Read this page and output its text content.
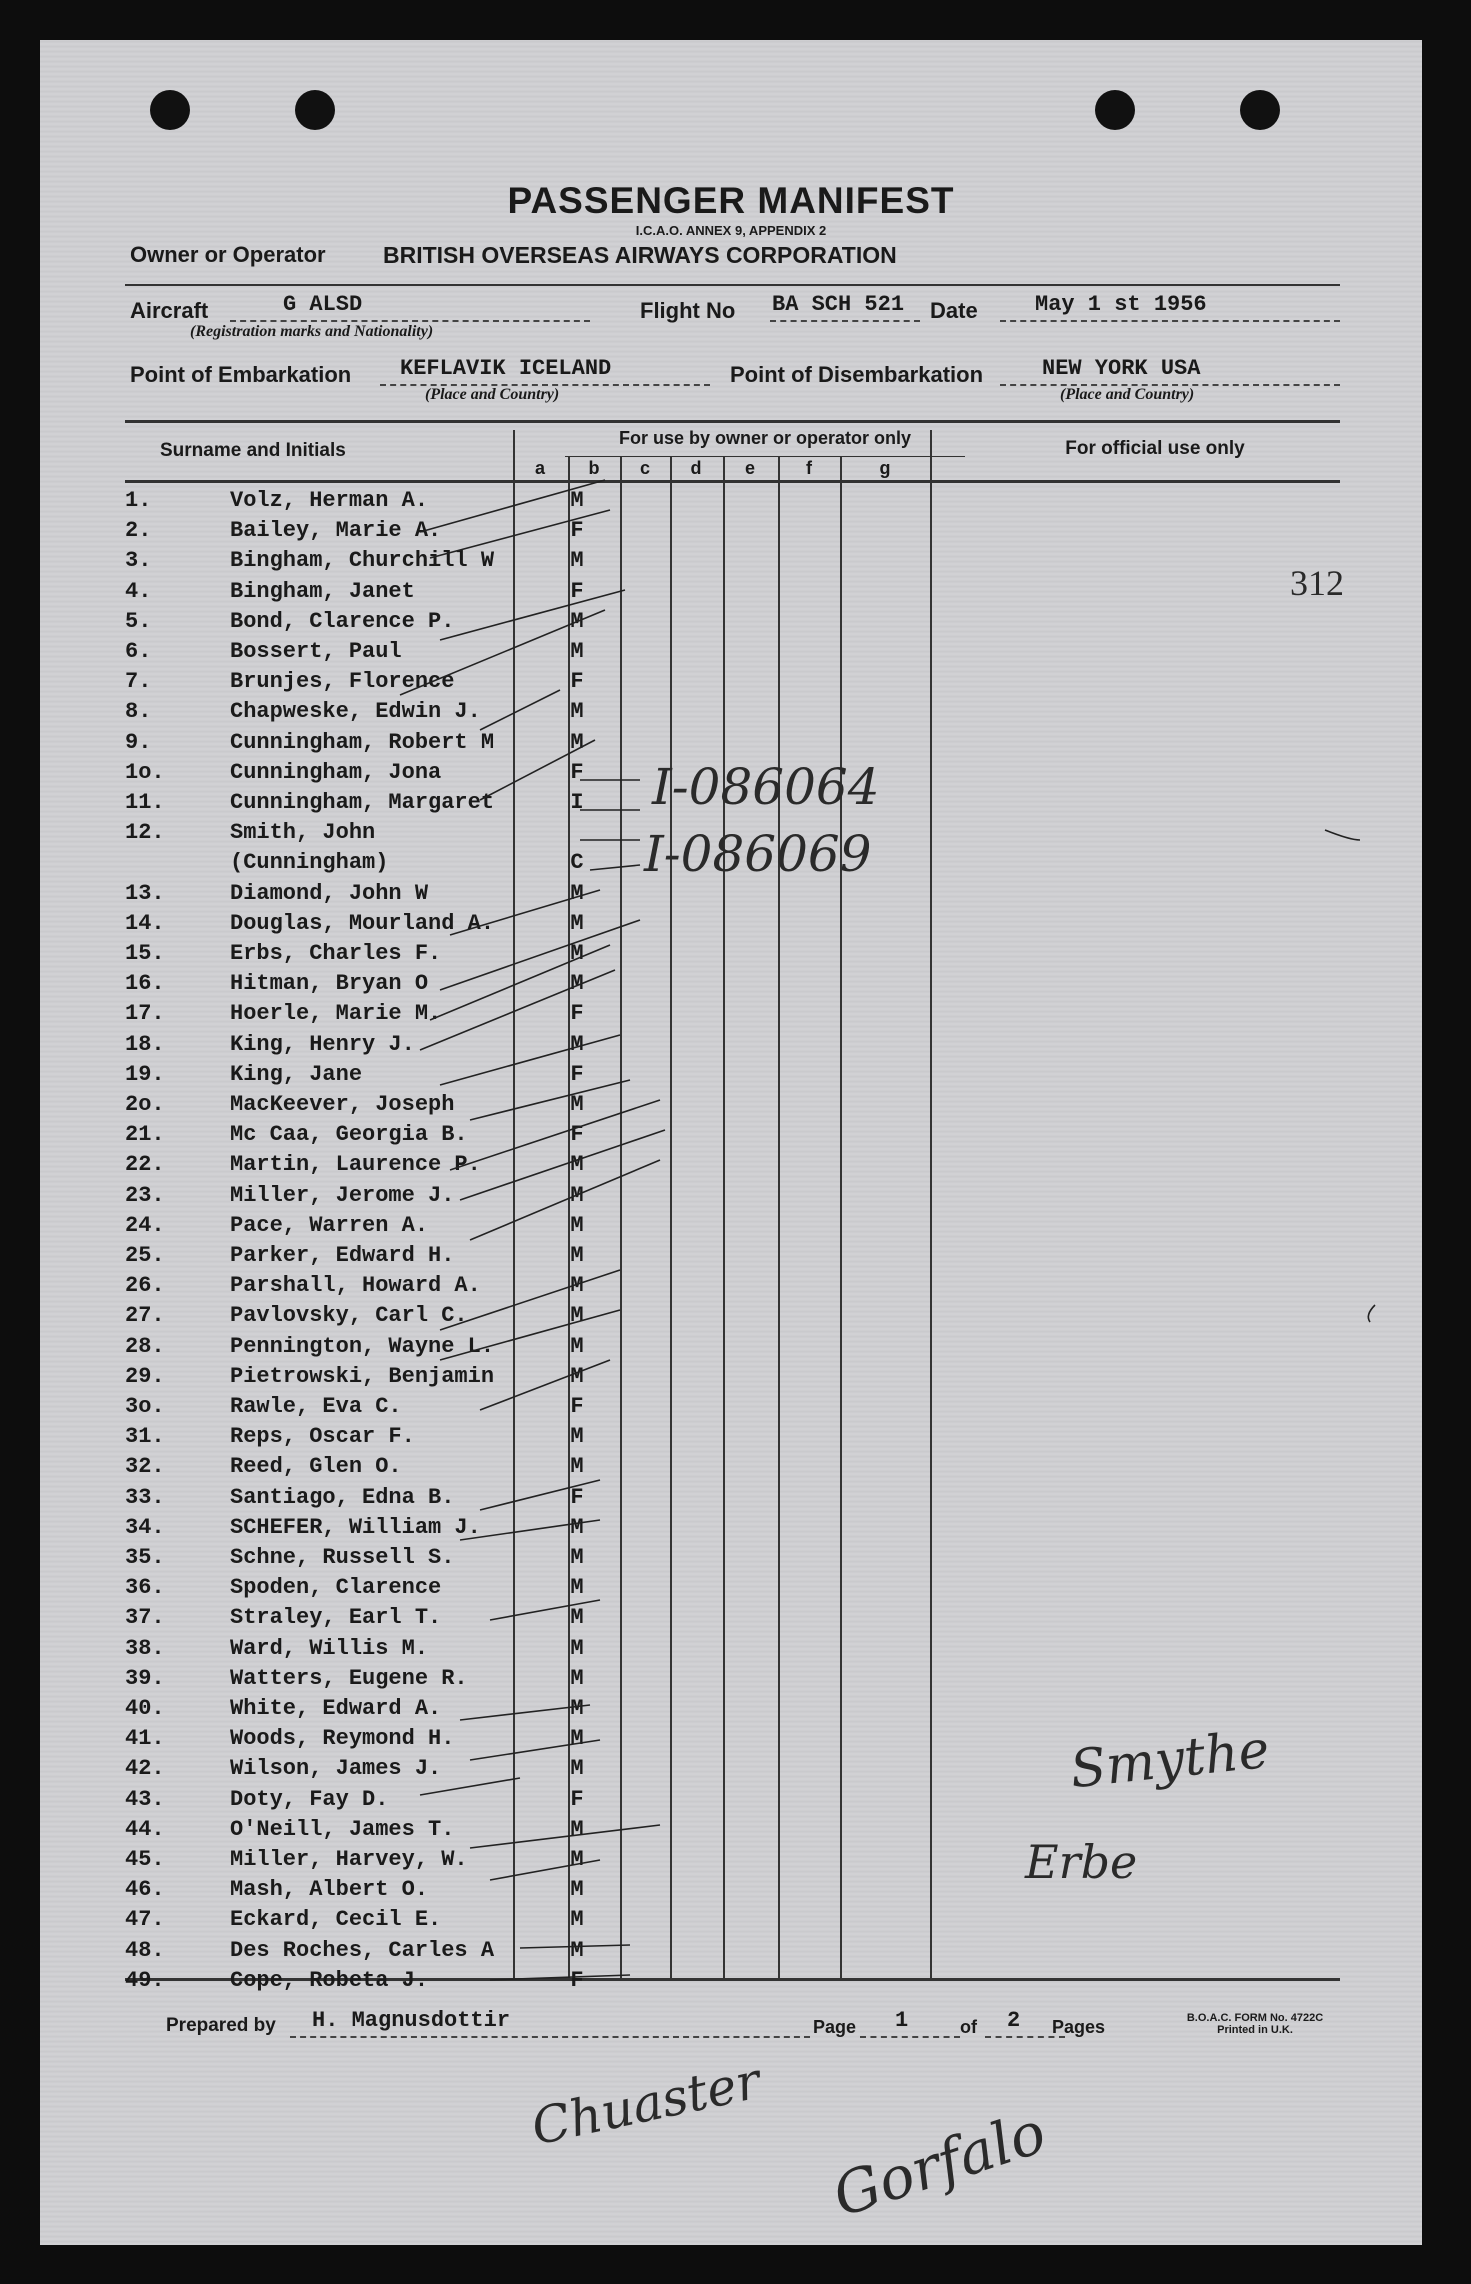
PASSENGER MANIFEST
I.C.A.O. ANNEX 9, APPENDIX 2
Owner or Operator BRITISH OVERSEAS AIRWAYS CORPORATION
Aircraft	G ALSD
(Registration marks and Nationality)
Flight No BA SCH 521 Date	May 1 st 1956
Point of Embarkation KEFLAVIK ICELAND
(Place and Country)
Point of Disembarkation	NEW YORK USA
(Place and Country)
Surname and Initials
For use by owner or operator only	For official use only
a	b	c	d	e	f	g
1.	Volz, Herman A.	M
2.	Bailey, Marie A.	F
3.	Bingham, Churchill W	M
4.	Bingham, Janet	F
5.	Bond, Clarence P.	M
6.	Bossert, Paul	M
7.	Brunjes, Florence	F
8.	Chapweske, Edwin J.	M
9.	Cunningham, Robert M	M
1o.	Cunningham, Jona	F
11.	Cunningham, Margaret	I
12.	Smith, John
(Cunningham)	C
13.	Diamond, John W	M
14.	Douglas, Mourland A.	M
15.	Erbs, Charles F.	M
16.	Hitman, Bryan O	M
17.	Hoerle, Marie M.	F
18.	King, Henry J.	M
19.	King, Jane	F
2o.	MacKeever, Joseph	M
21.	Mc Caa, Georgia B.	F
22.	Martin, Laurence P.	M
23.	Miller, Jerome J.	M
24.	Pace, Warren A.	M
25.	Parker, Edward H.	M
26.	Parshall, Howard A.	M
27.	Pavlovsky, Carl C.	M
28.	Pennington, Wayne L.	M
29.	Pietrowski, Benjamin	M
3o.	Rawle, Eva C.	F
31.	Reps, Oscar F.	M
32.	Reed, Glen O.	M
33.	Santiago, Edna B.	F
34.	SCHEFER, William J.	M
35.	Schne, Russell S.	M
36.	Spoden, Clarence	M
37.	Straley, Earl T.	M
38.	Ward, Willis M.	M
39.	Watters, Eugene R.	M
40.	White, Edward A.	M
41.	Woods, Reymond H.	M
42.	Wilson, James J.	M
43.	Doty, Fay D.	F
44.	O'Neill, James T.	M
45.	Miller, Harvey, W.	M
46.	Mash, Albert O.	M
47.	Eckard, Cecil E.	M
48.	Des Roches, Carles A	M
49.	Cope, Robeta J.	F
312
I-086064
I-086069
Smythe
Erbe
Prepared by H. Magnusdottir	Page 1	of 2 Pages	B.O.A.C. FORM No. 4722C
Printed in U.K.
Chuaster Gorfalo
